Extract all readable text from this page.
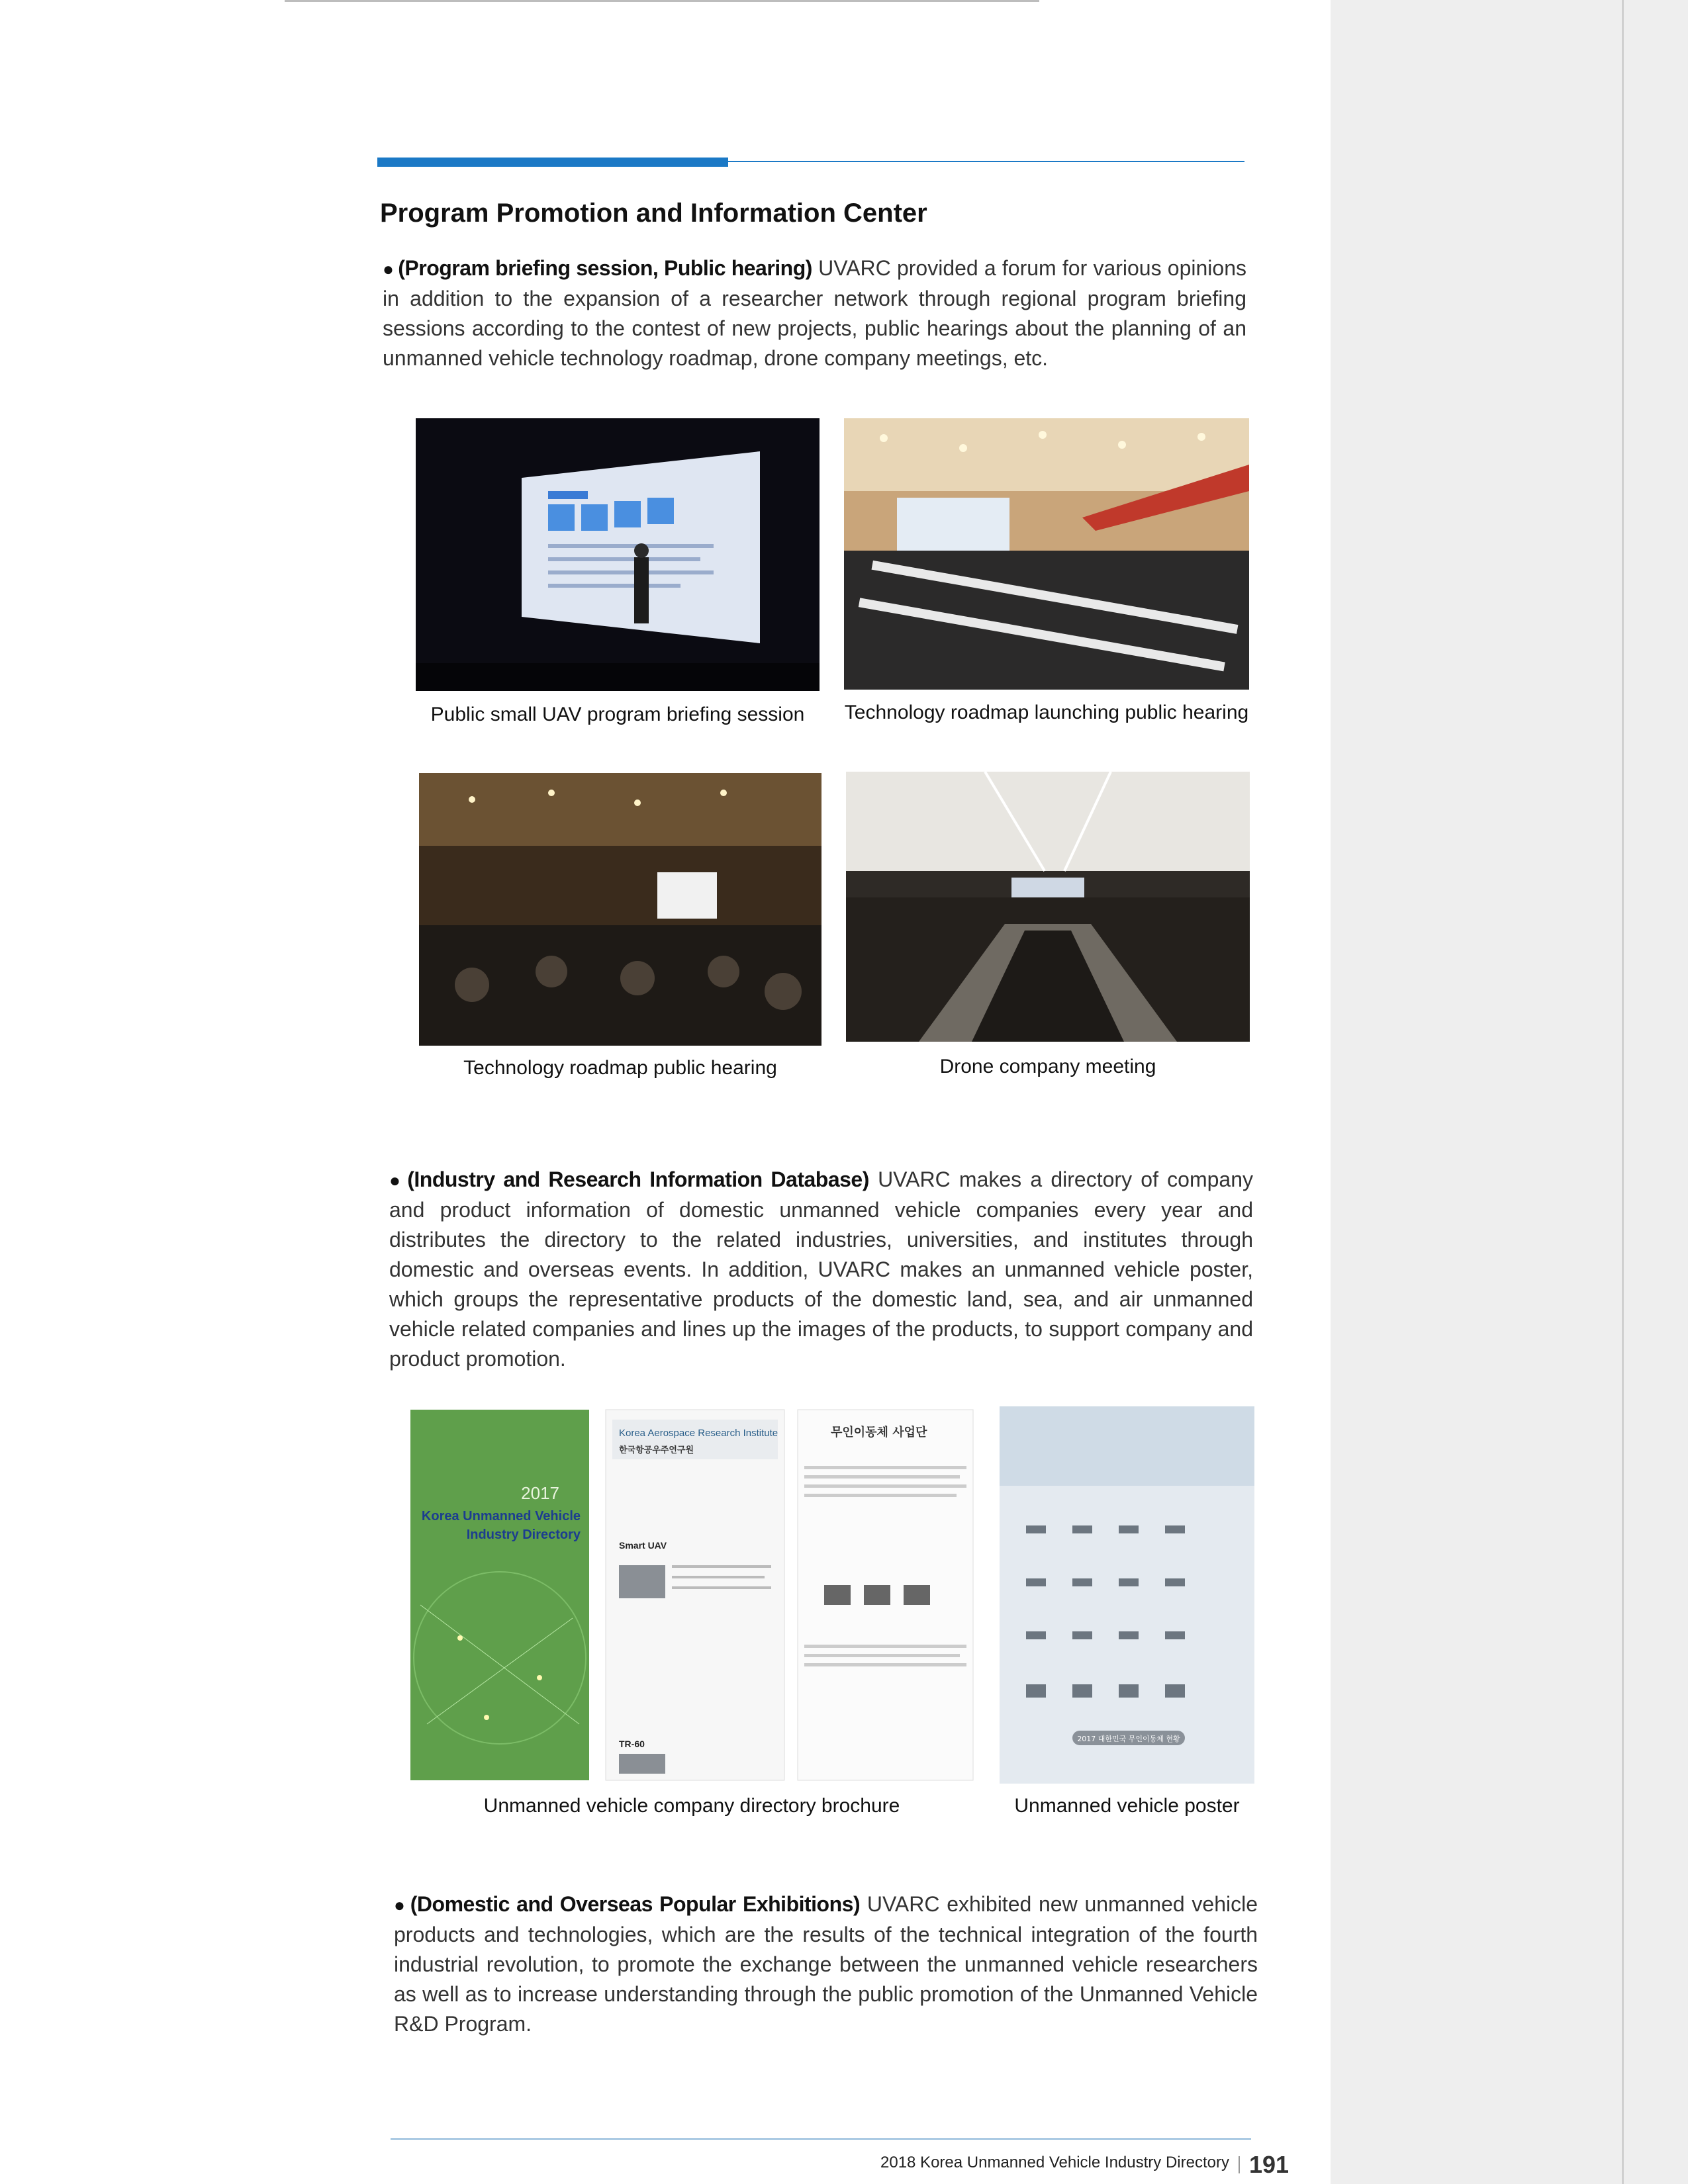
Program Promotion and Information Center
● (Program briefing session, Public hearing) UVARC provided a forum for various opinions in addition to the expansion of a researcher network through regional program briefing sessions according to the contest of new projects, public hearings about the planning of an unmanned vehicle technology roadmap, drone company meetings, etc.
Public small UAV program briefing session	Technology roadmap launching public hearing
Technology roadmap public hearing	Drone company meeting
● (Industry and Research Information Database) UVARC makes a directory of company and product information of domestic unmanned vehicle companies every year and distributes the directory to the related industries, universities, and institutes through domestic and overseas events. In addition, UVARC makes an unmanned vehicle poster, which groups the representative products of the domestic land, sea, and air unmanned vehicle related companies and lines up the images of the products, to support company and product promotion.
2017
Korea Unmanned Vehicle
Industry Directory
Korea Aerospace Research Institute
한국항공우주연구원
Smart UAV
TR-60
무인이동체 사업단
2017 대한민국 무인이동체 현황
Unmanned vehicle company directory brochure	Unmanned vehicle poster
● (Domestic and Overseas Popular Exhibitions) UVARC exhibited new unmanned vehicle products and technologies, which are the results of the technical integration of the fourth industrial revolution, to promote the exchange between the unmanned vehicle researchers as well as to increase understanding through the public promotion of the Unmanned Vehicle R&D Program.
2018 Korea Unmanned Vehicle Industry Directory 191
